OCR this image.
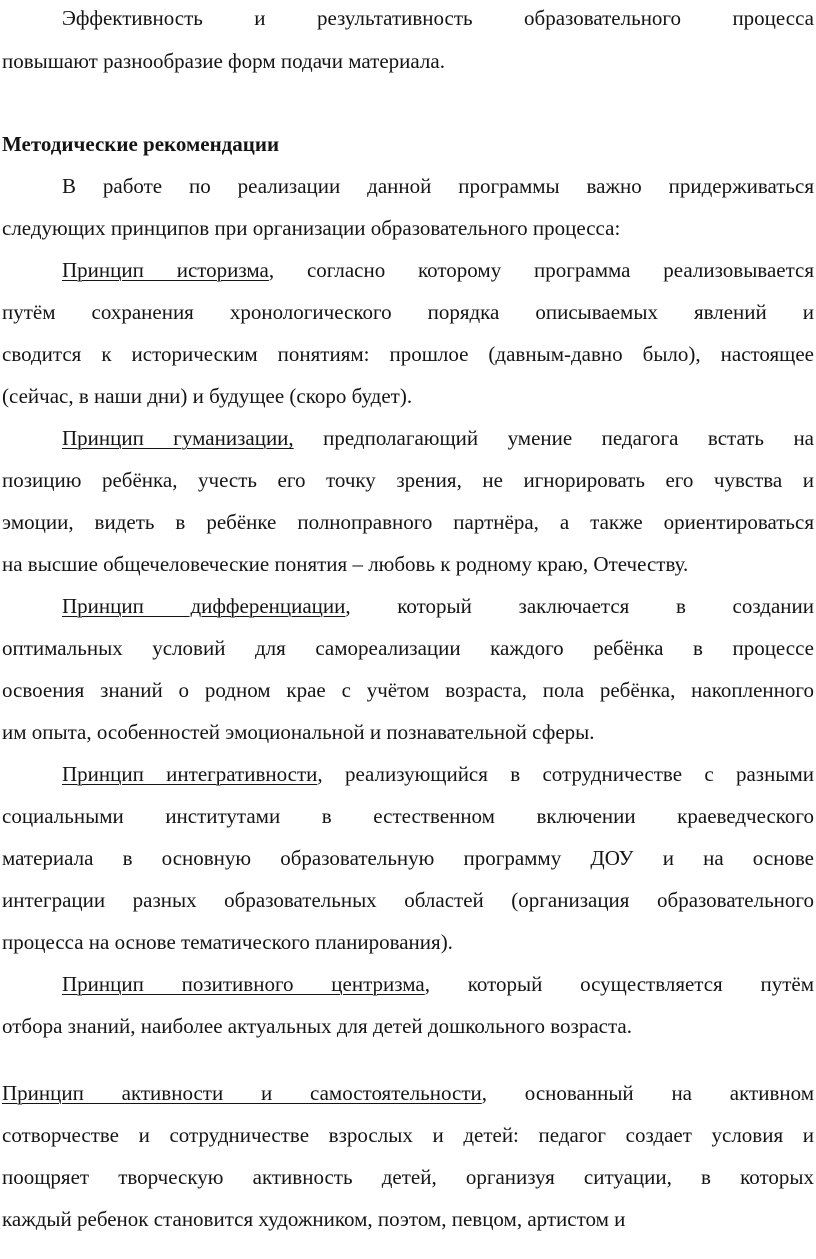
Эффективность и результативность образовательного процесса
повышают разнообразие форм подачи материала.
Методические рекомендации
В работе по реализации данной программы важно придерживаться
следующих принципов при организации образовательного процесса:
Принцип историзма, согласно которому программа реализовывается
путём сохранения хронологического порядка описываемых явлений и
сводится к историческим понятиям: прошлое (давным-давно было), настоящее
(сейчас, в наши дни) и будущее (скоро будет).
Принцип гуманизации, предполагающий умение педагога встать на
позицию ребёнка, учесть его точку зрения, не игнорировать его чувства и
эмоции, видеть в ребёнке полноправного партнёра, а также ориентироваться
на высшие общечеловеческие понятия – любовь к родному краю, Отечеству.
Принцип дифференциации, который заключается в создании
оптимальных условий для самореализации каждого ребёнка в процессе
освоения знаний о родном крае с учётом возраста, пола ребёнка, накопленного
им опыта, особенностей эмоциональной и познавательной сферы.
Принцип интегративности, реализующийся в сотрудничестве с разными
социальными институтами в естественном включении краеведческого
материала в основную образовательную программу ДОУ и на основе
интеграции разных образовательных областей (организация образовательного
процесса на основе тематического планирования).
Принцип позитивного центризма, который осуществляется путём
отбора знаний, наиболее актуальных для детей дошкольного возраста.
Принцип активности и самостоятельности, основанный на активном
сотворчестве и сотрудничестве взрослых и детей: педагог создает условия и
поощряет творческую активность детей, организуя ситуации, в которых
каждый ребенок становится художником, поэтом, певцом, артистом и
